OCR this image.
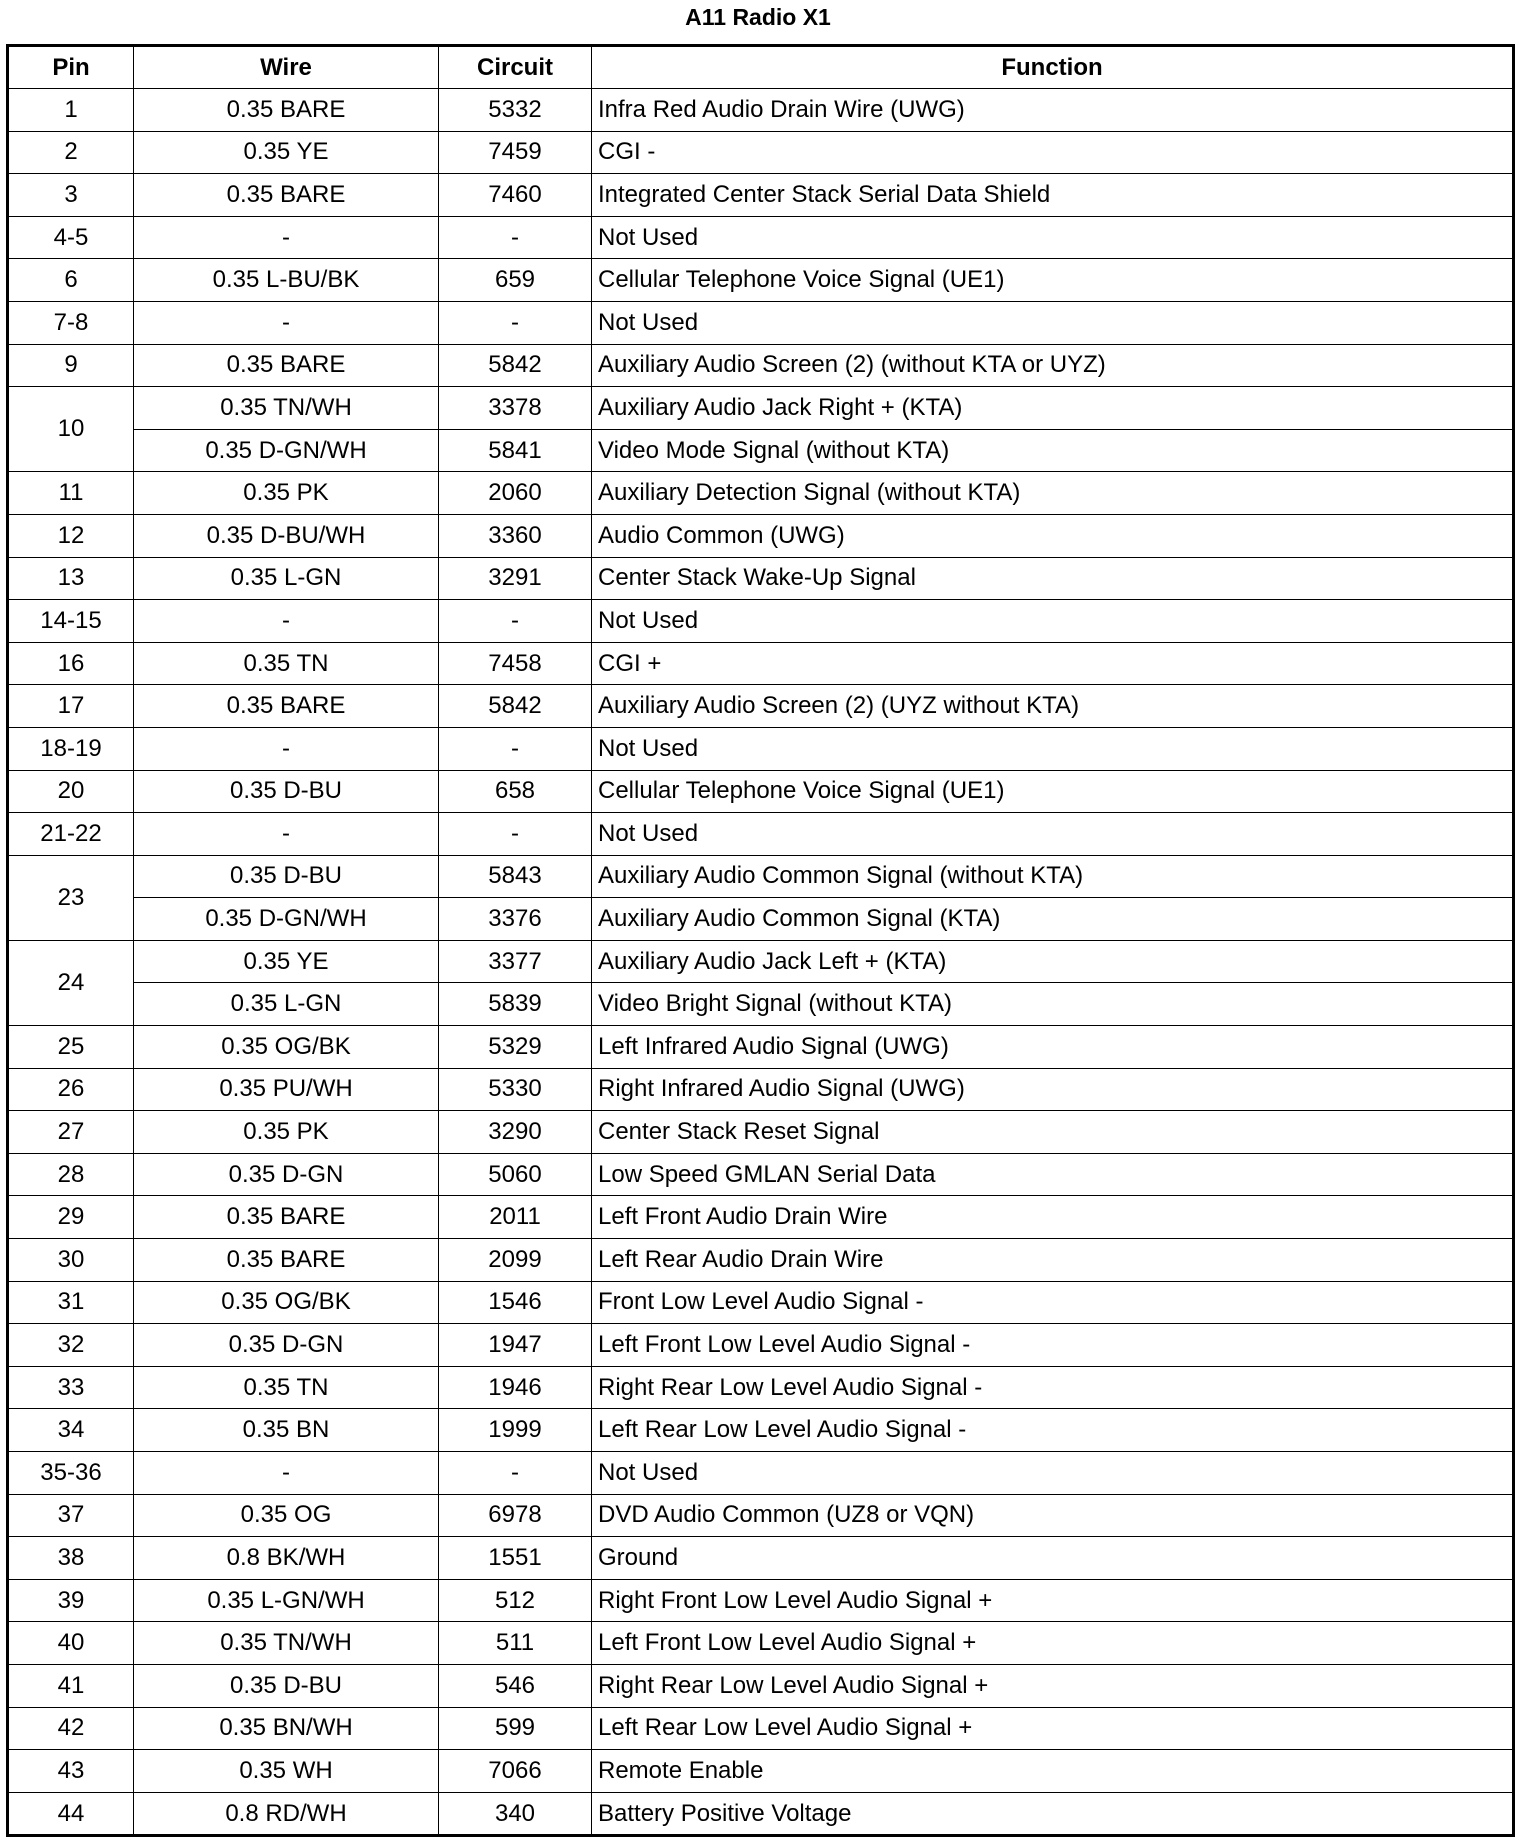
A11 Radio X1
Pin	Wire	Circuit	Function
1	0.35 BARE	5332	Infra Red Audio Drain Wire (UWG)
2	0.35 YE	7459	CGI -
3	0.35 BARE	7460	Integrated Center Stack Serial Data Shield
4-5	-	-	Not Used
6	0.35 L-BU/BK	659	Cellular Telephone Voice Signal (UE1)
7-8	-	-	Not Used
9	0.35 BARE	5842	Auxiliary Audio Screen (2) (without KTA or UYZ)
10	0.35 TN/WH	3378	Auxiliary Audio Jack Right + (KTA)
	0.35 D-GN/WH	5841	Video Mode Signal (without KTA)
11	0.35 PK	2060	Auxiliary Detection Signal (without KTA)
12	0.35 D-BU/WH	3360	Audio Common (UWG)
13	0.35 L-GN	3291	Center Stack Wake-Up Signal
14-15	-	-	Not Used
16	0.35 TN	7458	CGI +
17	0.35 BARE	5842	Auxiliary Audio Screen (2) (UYZ without KTA)
18-19	-	-	Not Used
20	0.35 D-BU	658	Cellular Telephone Voice Signal (UE1)
21-22	-	-	Not Used
23	0.35 D-BU	5843	Auxiliary Audio Common Signal (without KTA)
	0.35 D-GN/WH	3376	Auxiliary Audio Common Signal (KTA)
24	0.35 YE	3377	Auxiliary Audio Jack Left + (KTA)
	0.35 L-GN	5839	Video Bright Signal (without KTA)
25	0.35 OG/BK	5329	Left Infrared Audio Signal (UWG)
26	0.35 PU/WH	5330	Right Infrared Audio Signal (UWG)
27	0.35 PK	3290	Center Stack Reset Signal
28	0.35 D-GN	5060	Low Speed GMLAN Serial Data
29	0.35 BARE	2011	Left Front Audio Drain Wire
30	0.35 BARE	2099	Left Rear Audio Drain Wire
31	0.35 OG/BK	1546	Front Low Level Audio Signal -
32	0.35 D-GN	1947	Left Front Low Level Audio Signal -
33	0.35 TN	1946	Right Rear Low Level Audio Signal -
34	0.35 BN	1999	Left Rear Low Level Audio Signal -
35-36	-	-	Not Used
37	0.35 OG	6978	DVD Audio Common (UZ8 or VQN)
38	0.8 BK/WH	1551	Ground
39	0.35 L-GN/WH	512	Right Front Low Level Audio Signal +
40	0.35 TN/WH	511	Left Front Low Level Audio Signal +
41	0.35 D-BU	546	Right Rear Low Level Audio Signal +
42	0.35 BN/WH	599	Left Rear Low Level Audio Signal +
43	0.35 WH	7066	Remote Enable
44	0.8 RD/WH	340	Battery Positive Voltage
